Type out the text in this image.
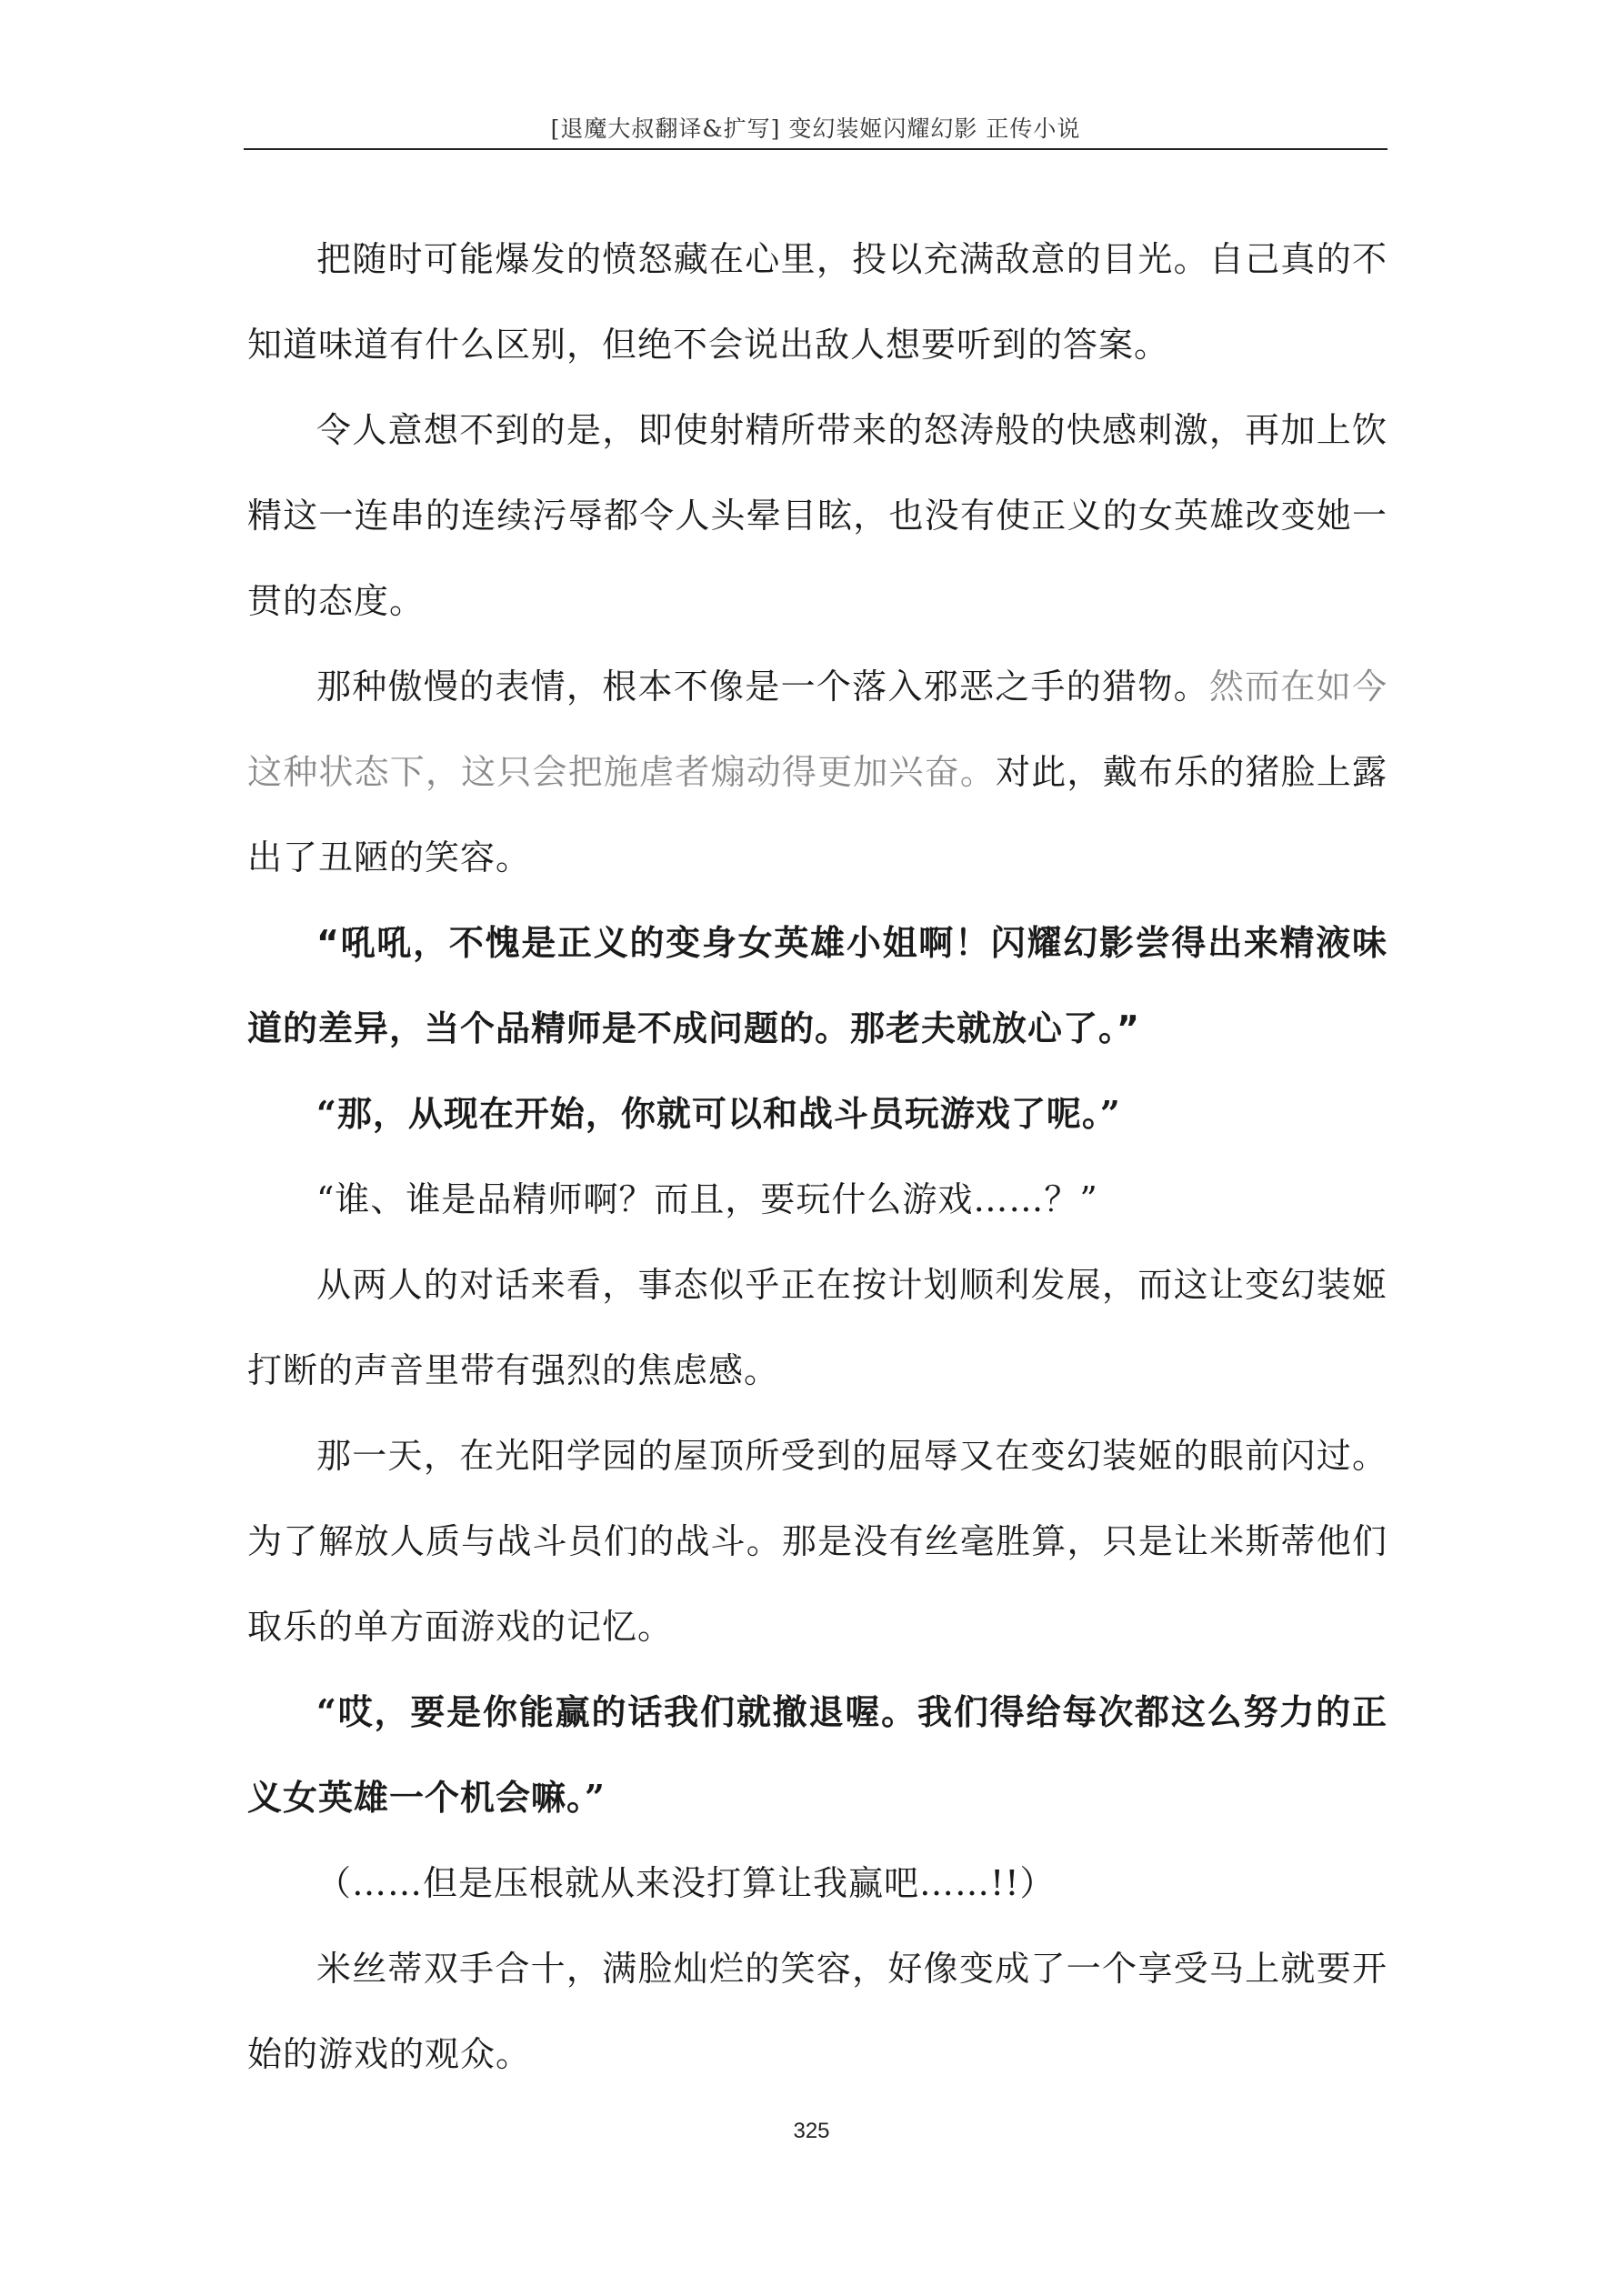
[退魔大叔翻译&扩写] 变幻装姬闪耀幻影 正传小说

把随时可能爆发的愤怒藏在心里，投以充满敌意的目光。自己真的不知道味道有什么区别，但绝不会说出敌人想要听到的答案。

令人意想不到的是，即使射精所带来的怒涛般的快感刺激，再加上饮精这一连串的连续污辱都令人头晕目眩，也没有使正义的女英雄改变她一贯的态度。

那种傲慢的表情，根本不像是一个落入邪恶之手的猎物。然而在如今这种状态下，这只会把施虐者煽动得更加兴奋。对此，戴布乐的猪脸上露出了丑陋的笑容。

“吼吼，不愧是正义的变身女英雄小姐啊！闪耀幻影尝得出来精液味道的差异，当个品精师是不成问题的。那老夫就放心了。”

“那，从现在开始，你就可以和战斗员玩游戏了呢。”

“谁、谁是品精师啊？而且，要玩什么游戏……？”

从两人的对话来看，事态似乎正在按计划顺利发展，而这让变幻装姬打断的声音里带有强烈的焦虑感。

那一天，在光阳学园的屋顶所受到的屈辱又在变幻装姬的眼前闪过。为了解放人质与战斗员们的战斗。那是没有丝毫胜算，只是让米斯蒂他们取乐的单方面游戏的记忆。

“哎，要是你能赢的话我们就撤退喔。我们得给每次都这么努力的正义女英雄一个机会嘛。”

（……但是压根就从来没打算让我赢吧……!!）

米丝蒂双手合十，满脸灿烂的笑容，好像变成了一个享受马上就要开始的游戏的观众。

325
